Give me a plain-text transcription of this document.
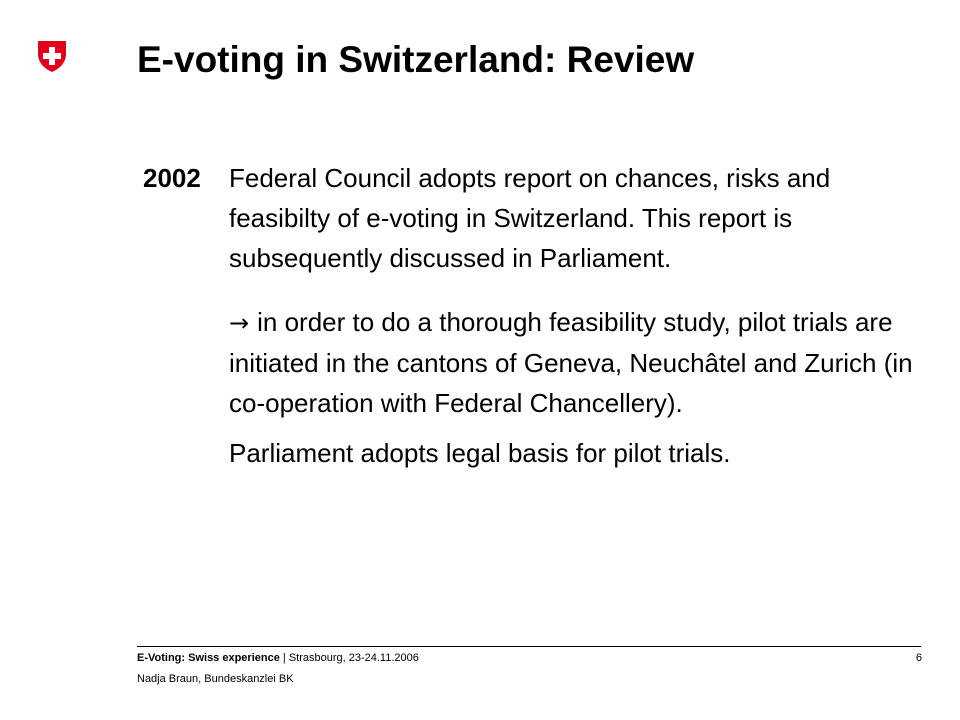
E-voting in Switzerland: Review
2002 Federal Council adopts report on chances, risks and feasibilty of e-voting in Switzerland. This report is subsequently discussed in Parliament.

→ in order to do a thorough feasibility study, pilot trials are initiated in the cantons of Geneva, Neuchâtel and Zurich (in co-operation with Federal Chancellery).

Parliament adopts legal basis for pilot trials.

E-Voting: Swiss experience | Strasbourg, 23-24.11.2006
Nadja Braun, Bundeskanzlei BK
6
